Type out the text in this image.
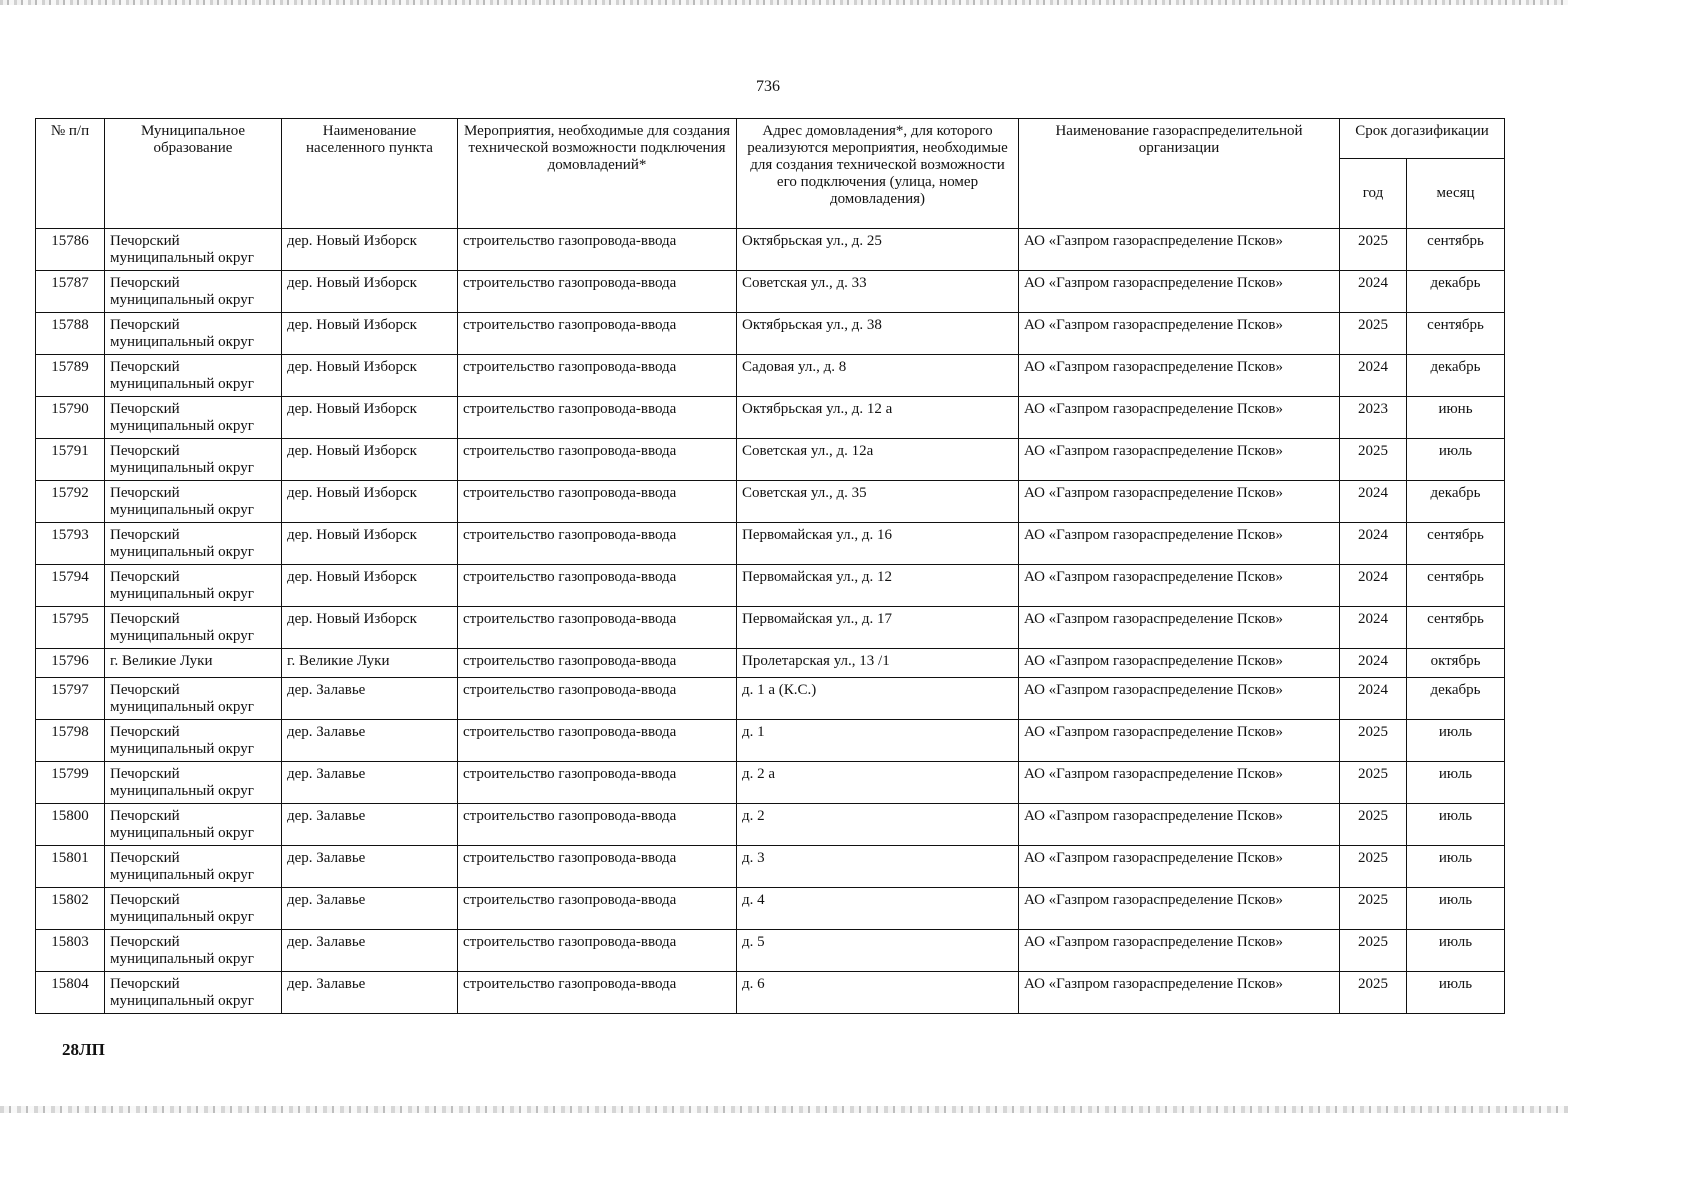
736
№ п/п	Муниципальное образование	Наименование населенного пункта	Мероприятия, необходимые для создания технической возможности подключения домовладений*	Адрес домовладения*, для которого реализуются мероприятия, необходимые для создания технической возможности его подключения (улица, номер домовладения)	Наименование газораспределительной организации	Срок догазификации	
						год	месяц
15786	Печорский муниципальный округ	дер. Новый Изборск	строительство газопровода-ввода	Октябрьская ул., д. 25	АО «Газпром газораспределение Псков»	2025	сентябрь
15787	Печорский муниципальный округ	дер. Новый Изборск	строительство газопровода-ввода	Советская ул., д. 33	АО «Газпром газораспределение Псков»	2024	декабрь
15788	Печорский муниципальный округ	дер. Новый Изборск	строительство газопровода-ввода	Октябрьская ул., д. 38	АО «Газпром газораспределение Псков»	2025	сентябрь
15789	Печорский муниципальный округ	дер. Новый Изборск	строительство газопровода-ввода	Садовая ул., д. 8	АО «Газпром газораспределение Псков»	2024	декабрь
15790	Печорский муниципальный округ	дер. Новый Изборск	строительство газопровода-ввода	Октябрьская ул., д. 12 а	АО «Газпром газораспределение Псков»	2023	июнь
15791	Печорский муниципальный округ	дер. Новый Изборск	строительство газопровода-ввода	Советская ул., д. 12а	АО «Газпром газораспределение Псков»	2025	июль
15792	Печорский муниципальный округ	дер. Новый Изборск	строительство газопровода-ввода	Советская ул., д. 35	АО «Газпром газораспределение Псков»	2024	декабрь
15793	Печорский муниципальный округ	дер. Новый Изборск	строительство газопровода-ввода	Первомайская ул., д. 16	АО «Газпром газораспределение Псков»	2024	сентябрь
15794	Печорский муниципальный округ	дер. Новый Изборск	строительство газопровода-ввода	Первомайская ул., д. 12	АО «Газпром газораспределение Псков»	2024	сентябрь
15795	Печорский муниципальный округ	дер. Новый Изборск	строительство газопровода-ввода	Первомайская ул., д. 17	АО «Газпром газораспределение Псков»	2024	сентябрь
15796	г. Великие Луки	г. Великие Луки	строительство газопровода-ввода	Пролетарская ул., 13 /1	АО «Газпром газораспределение Псков»	2024	октябрь
15797	Печорский муниципальный округ	дер. Залавье	строительство газопровода-ввода	д. 1 а (К.С.)	АО «Газпром газораспределение Псков»	2024	декабрь
15798	Печорский муниципальный округ	дер. Залавье	строительство газопровода-ввода	д. 1	АО «Газпром газораспределение Псков»	2025	июль
15799	Печорский муниципальный округ	дер. Залавье	строительство газопровода-ввода	д. 2 а	АО «Газпром газораспределение Псков»	2025	июль
15800	Печорский муниципальный округ	дер. Залавье	строительство газопровода-ввода	д. 2	АО «Газпром газораспределение Псков»	2025	июль
15801	Печорский муниципальный округ	дер. Залавье	строительство газопровода-ввода	д. 3	АО «Газпром газораспределение Псков»	2025	июль
15802	Печорский муниципальный округ	дер. Залавье	строительство газопровода-ввода	д. 4	АО «Газпром газораспределение Псков»	2025	июль
15803	Печорский муниципальный округ	дер. Залавье	строительство газопровода-ввода	д. 5	АО «Газпром газораспределение Псков»	2025	июль
15804	Печорский муниципальный округ	дер. Залавье	строительство газопровода-ввода	д. 6	АО «Газпром газораспределение Псков»	2025	июль
28ЛП
